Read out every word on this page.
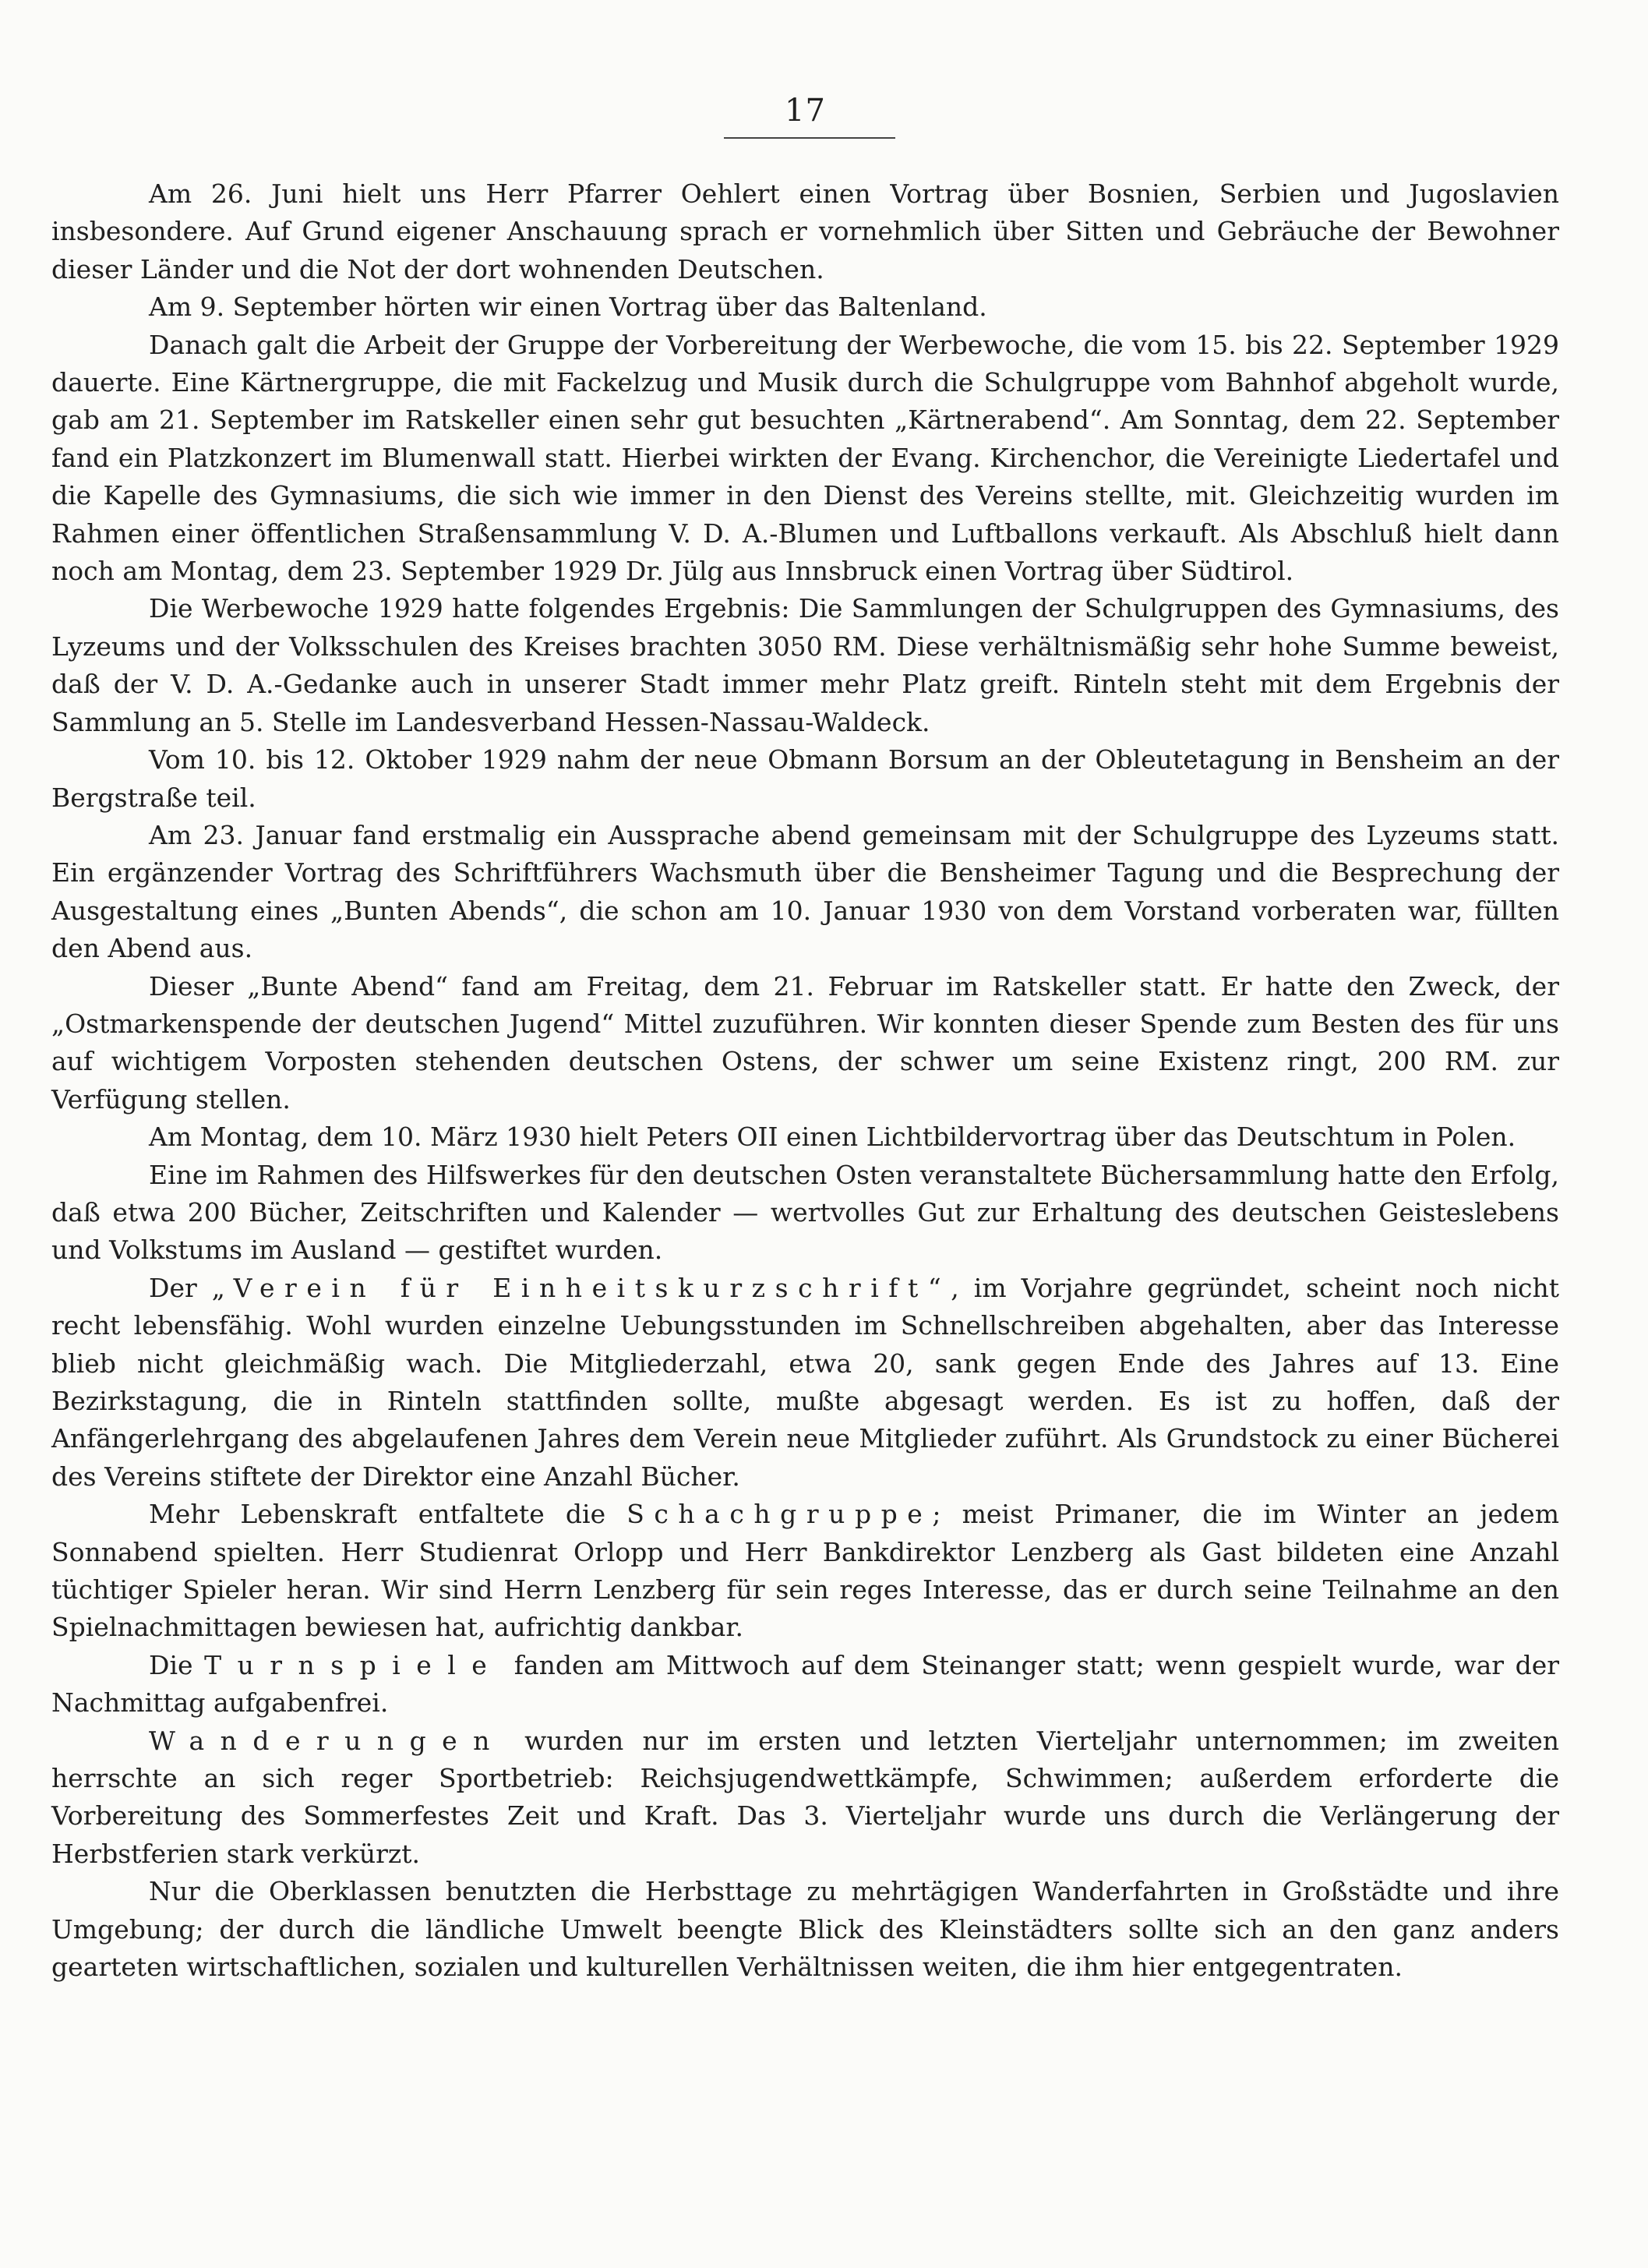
17

Am 26. Juni hielt uns Herr Pfarrer Oehlert einen Vortrag über Bosnien, Serbien und Jugoslavien insbesondere. Auf Grund eigener Anschauung sprach er vornehmlich über Sitten und Gebräuche der Bewohner dieser Länder und die Not der dort wohnenden Deutschen.

Am 9. September hörten wir einen Vortrag über das Baltenland.

Danach galt die Arbeit der Gruppe der Vorbereitung der Werbewoche, die vom 15. bis 22. September 1929 dauerte. Eine Kärtnergruppe, die mit Fackelzug und Musik durch die Schulgruppe vom Bahnhof abgeholt wurde, gab am 21. September im Ratskeller einen sehr gut besuchten „Kärtnerabend“. Am Sonntag, dem 22. September fand ein Platzkonzert im Blumenwall statt. Hierbei wirkten der Evang. Kirchenchor, die Vereinigte Liedertafel und die Kapelle des Gymnasiums, die sich wie immer in den Dienst des Vereins stellte, mit. Gleichzeitig wurden im Rahmen einer öffentlichen Straßensammlung V. D. A.-Blumen und Luftballons verkauft. Als Abschluß hielt dann noch am Montag, dem 23. September 1929 Dr. Jülg aus Innsbruck einen Vortrag über Südtirol.

Die Werbewoche 1929 hatte folgendes Ergebnis: Die Sammlungen der Schulgruppen des Gymnasiums, des Lyzeums und der Volksschulen des Kreises brachten 3050 RM. Diese verhältnismäßig sehr hohe Summe beweist, daß der V. D. A.-Gedanke auch in unserer Stadt immer mehr Platz greift. Rinteln steht mit dem Ergebnis der Sammlung an 5. Stelle im Landesverband Hessen-Nassau-Waldeck.

Vom 10. bis 12. Oktober 1929 nahm der neue Obmann Borsum an der Obleutetagung in Bensheim an der Bergstraße teil.

Am 23. Januar fand erstmalig ein Aussprache abend gemeinsam mit der Schulgruppe des Lyzeums statt. Ein ergänzender Vortrag des Schriftführers Wachsmuth über die Bensheimer Tagung und die Besprechung der Ausgestaltung eines „Bunten Abends“, die schon am 10. Januar 1930 von dem Vorstand vorberaten war, füllten den Abend aus.

Dieser „Bunte Abend“ fand am Freitag, dem 21. Februar im Ratskeller statt. Er hatte den Zweck, der „Ostmarkenspende der deutschen Jugend“ Mittel zuzuführen. Wir konnten dieser Spende zum Besten des für uns auf wichtigem Vorposten stehenden deutschen Ostens, der schwer um seine Existenz ringt, 200 RM. zur Verfügung stellen.

Am Montag, dem 10. März 1930 hielt Peters OII einen Lichtbildervortrag über das Deutschtum in Polen.

Eine im Rahmen des Hilfswerkes für den deutschen Osten veranstaltete Büchersammlung hatte den Erfolg, daß etwa 200 Bücher, Zeitschriften und Kalender — wertvolles Gut zur Erhaltung des deutschen Geisteslebens und Volkstums im Ausland — gestiftet wurden.

Der „Verein für Einheitskurzschrift“, im Vorjahre gegründet, scheint noch nicht recht lebensfähig. Wohl wurden einzelne Uebungsstunden im Schnellschreiben abgehalten, aber das Interesse blieb nicht gleichmäßig wach. Die Mitgliederzahl, etwa 20, sank gegen Ende des Jahres auf 13. Eine Bezirkstagung, die in Rinteln stattfinden sollte, mußte abgesagt werden. Es ist zu hoffen, daß der Anfängerlehrgang des abgelaufenen Jahres dem Verein neue Mitglieder zuführt. Als Grundstock zu einer Bücherei des Vereins stiftete der Direktor eine Anzahl Bücher.

Mehr Lebenskraft entfaltete die Schachgruppe; meist Primaner, die im Winter an jedem Sonnabend spielten. Herr Studienrat Orlopp und Herr Bankdirektor Lenzberg als Gast bildeten eine Anzahl tüchtiger Spieler heran. Wir sind Herrn Lenzberg für sein reges Interesse, das er durch seine Teilnahme an den Spielnachmittagen bewiesen hat, aufrichtig dankbar.

Die Turnspiele fanden am Mittwoch auf dem Steinanger statt; wenn gespielt wurde, war der Nachmittag aufgabenfrei.

Wanderungen wurden nur im ersten und letzten Vierteljahr unternommen; im zweiten herrschte an sich reger Sportbetrieb: Reichsjugendwettkämpfe, Schwimmen; außerdem erforderte die Vorbereitung des Sommerfestes Zeit und Kraft. Das 3. Vierteljahr wurde uns durch die Verlängerung der Herbstferien stark verkürzt.

Nur die Oberklassen benutzten die Herbsttage zu mehrtägigen Wanderfahrten in Großstädte und ihre Umgebung; der durch die ländliche Umwelt beengte Blick des Kleinstädters sollte sich an den ganz anders gearteten wirtschaftlichen, sozialen und kulturellen Verhältnissen weiten, die ihm hier entgegentraten.
